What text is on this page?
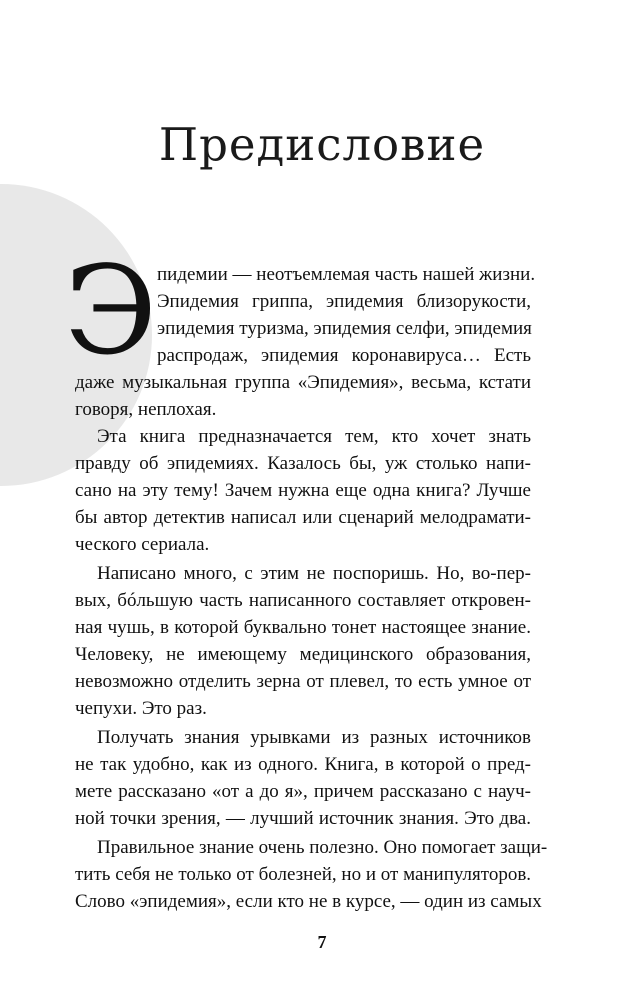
Предисловие
Э пидемии — неотъемлемая часть нашей жизни.
Эпидемия гриппа, эпидемия близорукости,
эпидемия туризма, эпидемия селфи, эпидемия
распродаж, эпидемия коронавируса… Есть
даже музыкальная группа «Эпидемия», весьма, кстати
говоря, неплохая.
Эта книга предназначается тем, кто хочет знать
правду об эпидемиях. Казалось бы, уж столько напи-
сано на эту тему! Зачем нужна еще одна книга? Лучше
бы автор детектив написал или сценарий мелодрамати-
ческого сериала.
Написано много, с этим не поспоришь. Но, во-пер-
вых, бóльшую часть написанного составляет откровен-
ная чушь, в которой буквально тонет настоящее знание.
Человеку, не имеющему медицинского образования,
невозможно отделить зерна от плевел, то есть умное от
чепухи. Это раз.
Получать знания урывками из разных источников
не так удобно, как из одного. Книга, в которой о пред-
мете рассказано «от а до я», причем рассказано с науч-
ной точки зрения, — лучший источник знания. Это два.
Правильное знание очень полезно. Оно помогает защи-
тить себя не только от болезней, но и от манипуляторов.
Слово «эпидемия», если кто не в курсе, — один из самых
7
